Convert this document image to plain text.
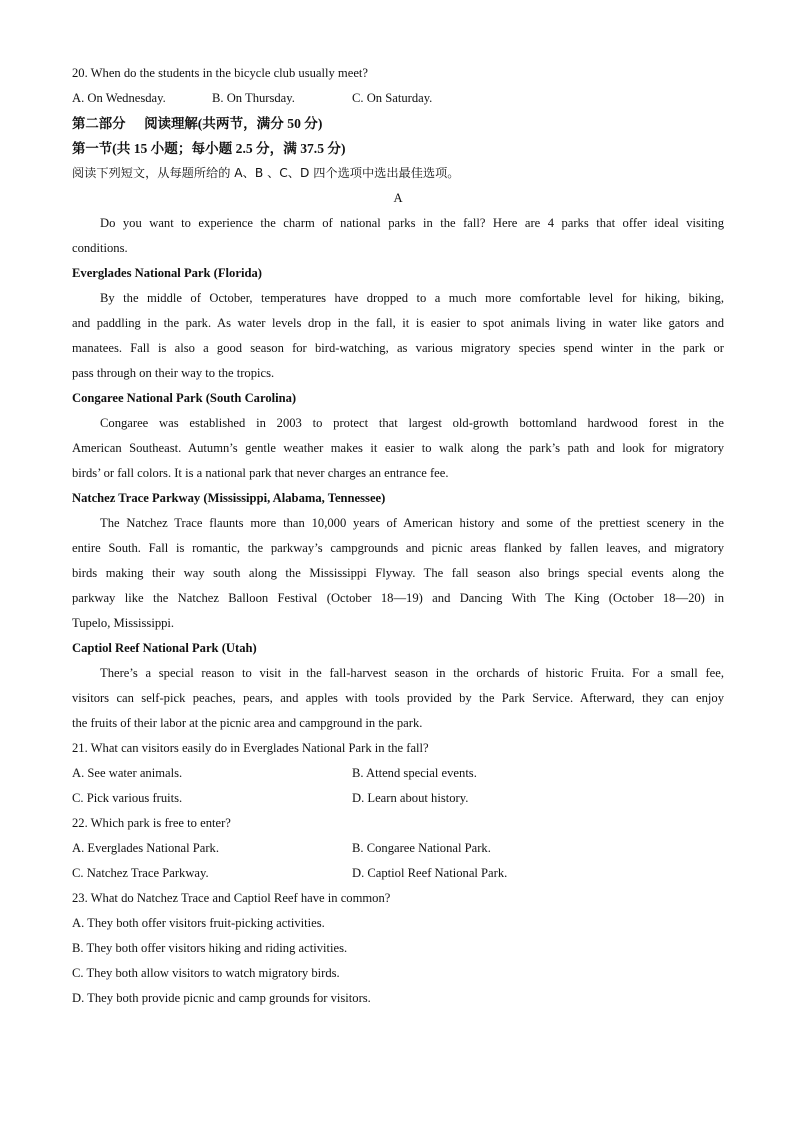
20. When do the students in the bicycle club usually meet?
A. On Wednesday.	B. On Thursday.	C. On Saturday.
第二部分    阅读理解(共两节，满分 50 分)
第一节(共 15 小题；每小题 2.5 分，满 37.5 分)
阅读下列短文，从每题所给的 A、B 、C、D 四个选项中选出最佳选项。
A
Do you want to experience the charm of national parks in the fall? Here are 4 parks that offer ideal visiting
conditions.
Everglades National Park (Florida)
By the middle of October, temperatures have dropped to a much more comfortable level for hiking, biking,
and paddling in the park. As water levels drop in the fall, it is easier to spot animals living in water like gators and
manatees. Fall is also a good season for bird-watching, as various migratory species spend winter in the park or
pass through on their way to the tropics.
Congaree National Park (South Carolina)
Congaree was established in 2003 to protect that largest old-growth bottomland hardwood forest in the
American Southeast. Autumn’s gentle weather makes it easier to walk along the park’s path and look for migratory
birds’ or fall colors. It is a national park that never charges an entrance fee.
Natchez Trace Parkway (Mississippi, Alabama, Tennessee)
The Natchez Trace flaunts more than 10,000 years of American history and some of the prettiest scenery in the
entire South. Fall is romantic, the parkway’s campgrounds and picnic areas flanked by fallen leaves, and migratory
birds making their way south along the Mississippi Flyway. The fall season also brings special events along the
parkway like the Natchez Balloon Festival (October 18—19) and Dancing With The King (October 18—20) in
Tupelo, Mississippi.
Captiol Reef National Park (Utah)
There’s a special reason to visit in the fall-harvest season in the orchards of historic Fruita. For a small fee,
visitors can self-pick peaches, pears, and apples with tools provided by the Park Service. Afterward, they can enjoy
the fruits of their labor at the picnic area and campground in the park.
21. What can visitors easily do in Everglades National Park in the fall?
A. See water animals.	B. Attend special events.
C. Pick various fruits.	D. Learn about history.
22. Which park is free to enter?
A. Everglades National Park.	B. Congaree National Park.
C. Natchez Trace Parkway.	D. Captiol Reef National Park.
23. What do Natchez Trace and Captiol Reef have in common?
A. They both offer visitors fruit-picking activities.
B. They both offer visitors hiking and riding activities.
C. They both allow visitors to watch migratory birds.
D. They both provide picnic and camp grounds for visitors.
